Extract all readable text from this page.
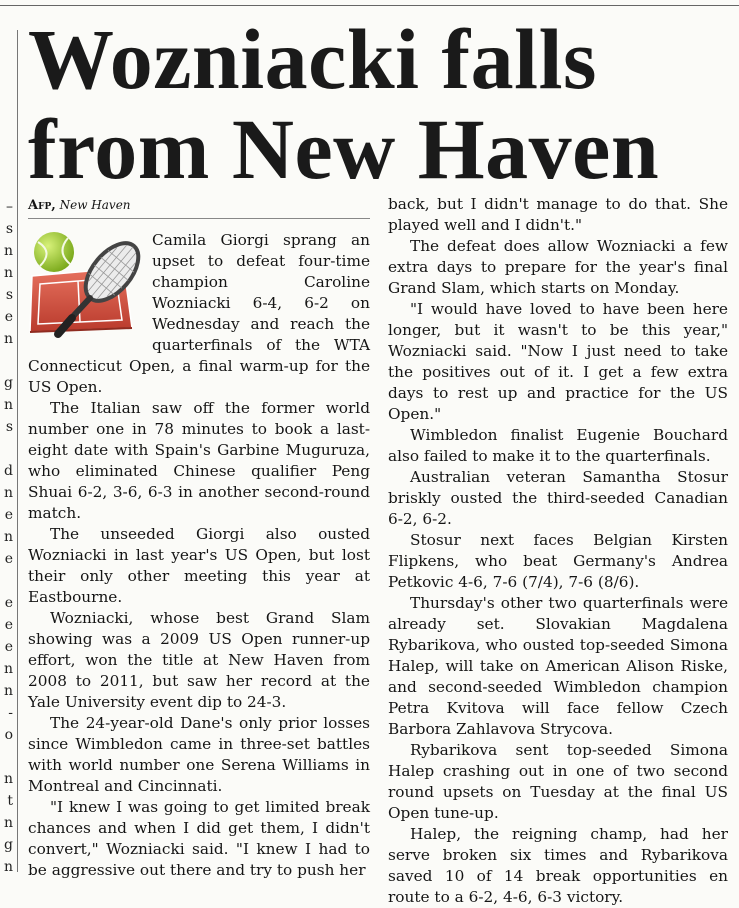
–
s
n
n
s
e
n
g
n
s
d
n
e
n
e
e
e
e
n
n
-
o
n
t
n
g
n
Wozniacki falls from New Haven
Afp, New Haven

Camila Giorgi sprang an upset to defeat four-time champion Caroline Wozniacki 6-4, 6-2 on Wednesday and reach the quarterfinals of the WTA Connecticut Open, a final warm-up for the US Open.

The Italian saw off the former world number one in 78 minutes to book a last-eight date with Spain's Garbine Muguruza, who eliminated Chinese qualifier Peng Shuai 6-2, 3-6, 6-3 in another second-round match.

The unseeded Giorgi also ousted Wozniacki in last year's US Open, but lost their only other meeting this year at Eastbourne.

Wozniacki, whose best Grand Slam showing was a 2009 US Open runner-up effort, won the title at New Haven from 2008 to 2011, but saw her record at the Yale University event dip to 24-3.

The 24-year-old Dane's only prior losses since Wimbledon came in three-set battles with world number one Serena Williams in Montreal and Cincinnati.

"I knew I was going to get limited break chances and when I did get them, I didn't convert," Wozniacki said. "I knew I had to be aggressive out there and try to push her

back, but I didn't manage to do that. She played well and I didn't."

The defeat does allow Wozniacki a few extra days to prepare for the year's final Grand Slam, which starts on Monday.

"I would have loved to have been here longer, but it wasn't to be this year," Wozniacki said. "Now I just need to take the positives out of it. I get a few extra days to rest up and practice for the US Open."

Wimbledon finalist Eugenie Bouchard also failed to make it to the quarterfinals.

Australian veteran Samantha Stosur briskly ousted the third-seeded Canadian 6-2, 6-2.

Stosur next faces Belgian Kirsten Flipkens, who beat Germany's Andrea Petkovic 4-6, 7-6 (7/4), 7-6 (8/6).

Thursday's other two quarterfinals were already set. Slovakian Magdalena Rybarikova, who ousted top-seeded Simona Halep, will take on American Alison Riske, and second-seeded Wimbledon champion Petra Kvitova will face fellow Czech Barbora Zahlavova Strycova.

Rybarikova sent top-seeded Simona Halep crashing out in one of two second round upsets on Tuesday at the final US Open tune-up.

Halep, the reigning champ, had her serve broken six times and Rybarikova saved 10 of 14 break opportunities en route to a 6-2, 4-6, 6-3 victory.
